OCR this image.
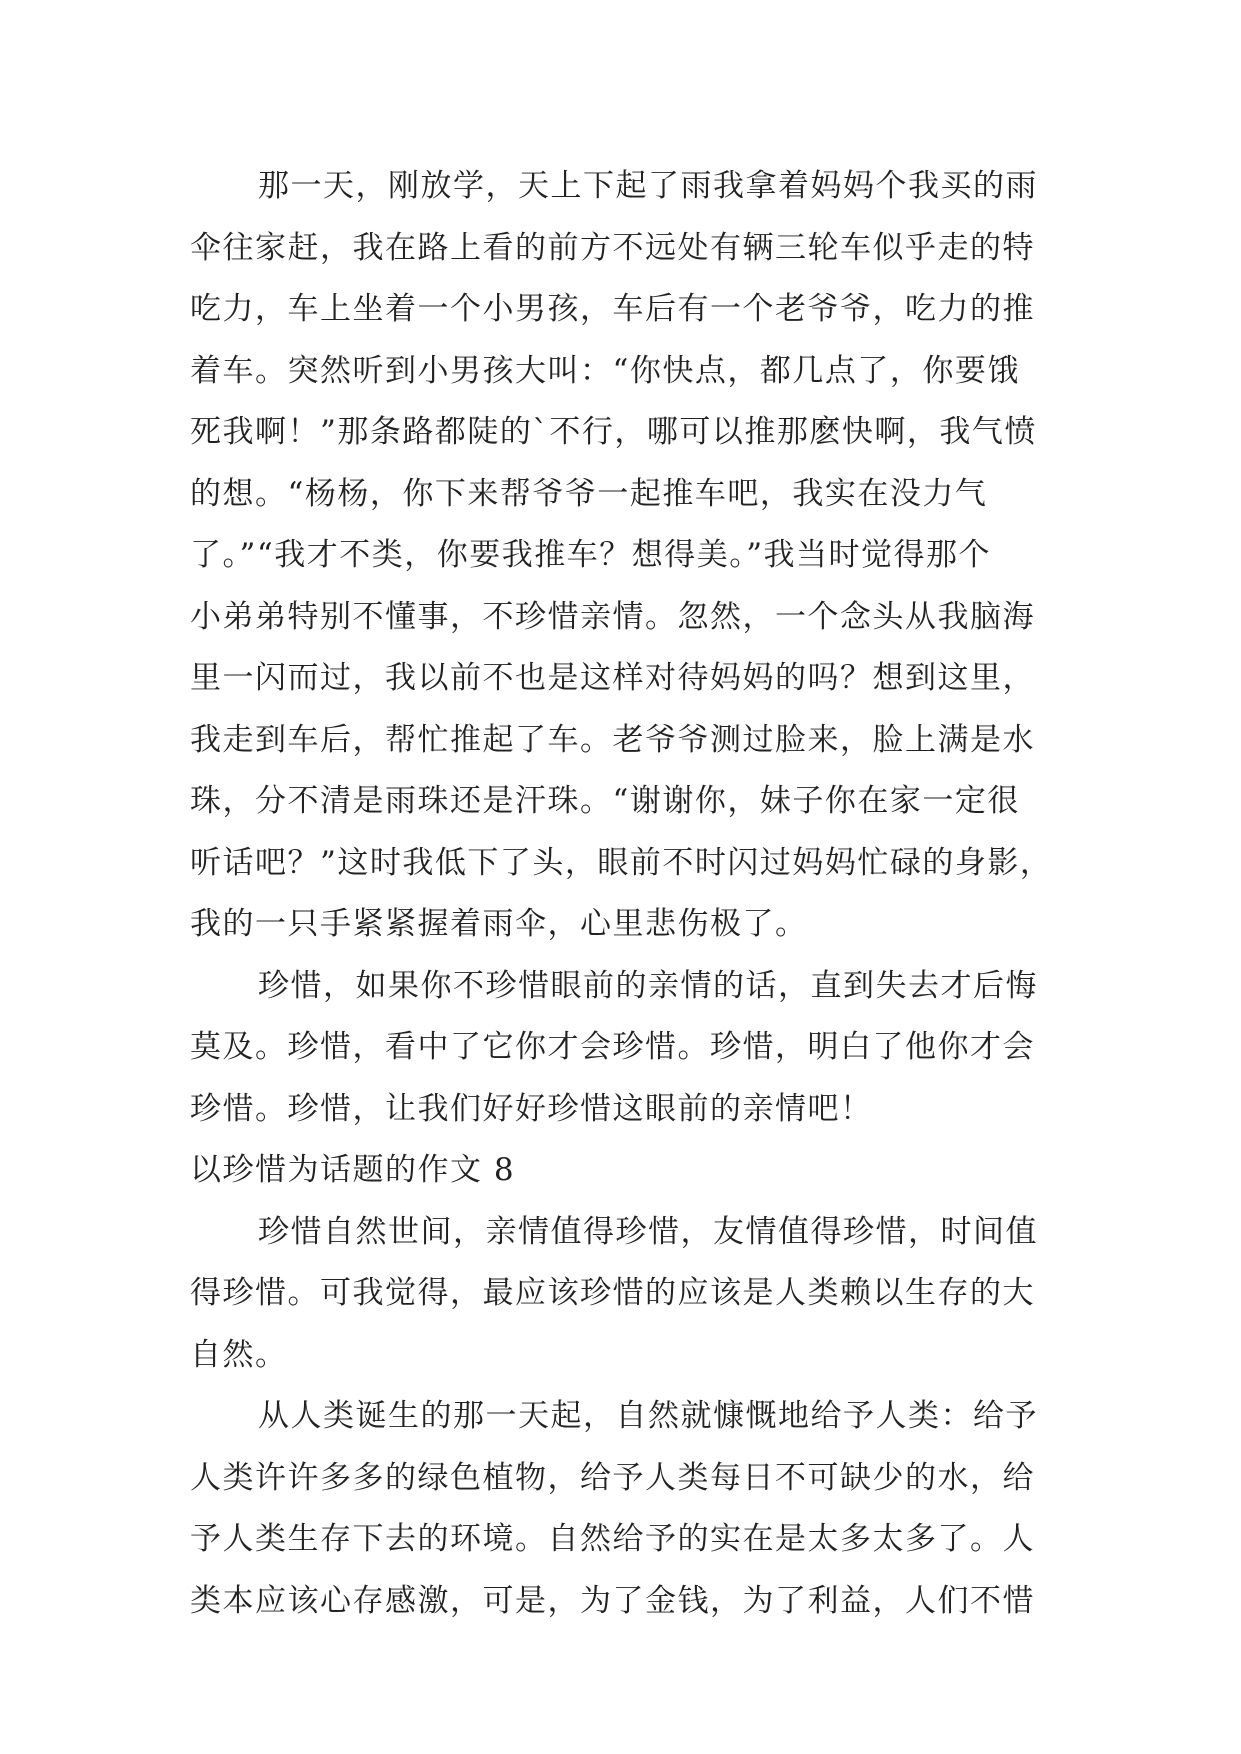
那一天，刚放学，天上下起了雨我拿着妈妈个我买的雨
伞往家赶，我在路上看的前方不远处有辆三轮车似乎走的特
吃力，车上坐着一个小男孩，车后有一个老爷爷，吃力的推
着车。突然听到小男孩大叫：“你快点，都几点了，你要饿
死我啊！”那条路都陡的`不行，哪可以推那麽快啊，我气愤
的想。“杨杨，你下来帮爷爷一起推车吧，我实在没力气
了。”“我才不类，你要我推车？想得美。”我当时觉得那个
小弟弟特别不懂事，不珍惜亲情。忽然，一个念头从我脑海
里一闪而过，我以前不也是这样对待妈妈的吗？想到这里，
我走到车后，帮忙推起了车。老爷爷测过脸来，脸上满是水
珠，分不清是雨珠还是汗珠。“谢谢你，妹子你在家一定很
听话吧？”这时我低下了头，眼前不时闪过妈妈忙碌的身影，
我的一只手紧紧握着雨伞，心里悲伤极了。
珍惜，如果你不珍惜眼前的亲情的话，直到失去才后悔
莫及。珍惜，看中了它你才会珍惜。珍惜，明白了他你才会
珍惜。珍惜，让我们好好珍惜这眼前的亲情吧！
以珍惜为话题的作文 8
珍惜自然世间，亲情值得珍惜，友情值得珍惜，时间值
得珍惜。可我觉得，最应该珍惜的应该是人类赖以生存的大
自然。
从人类诞生的那一天起，自然就慷慨地给予人类：给予
人类许许多多的绿色植物，给予人类每日不可缺少的水，给
予人类生存下去的环境。自然给予的实在是太多太多了。人
类本应该心存感激，可是，为了金钱，为了利益，人们不惜
